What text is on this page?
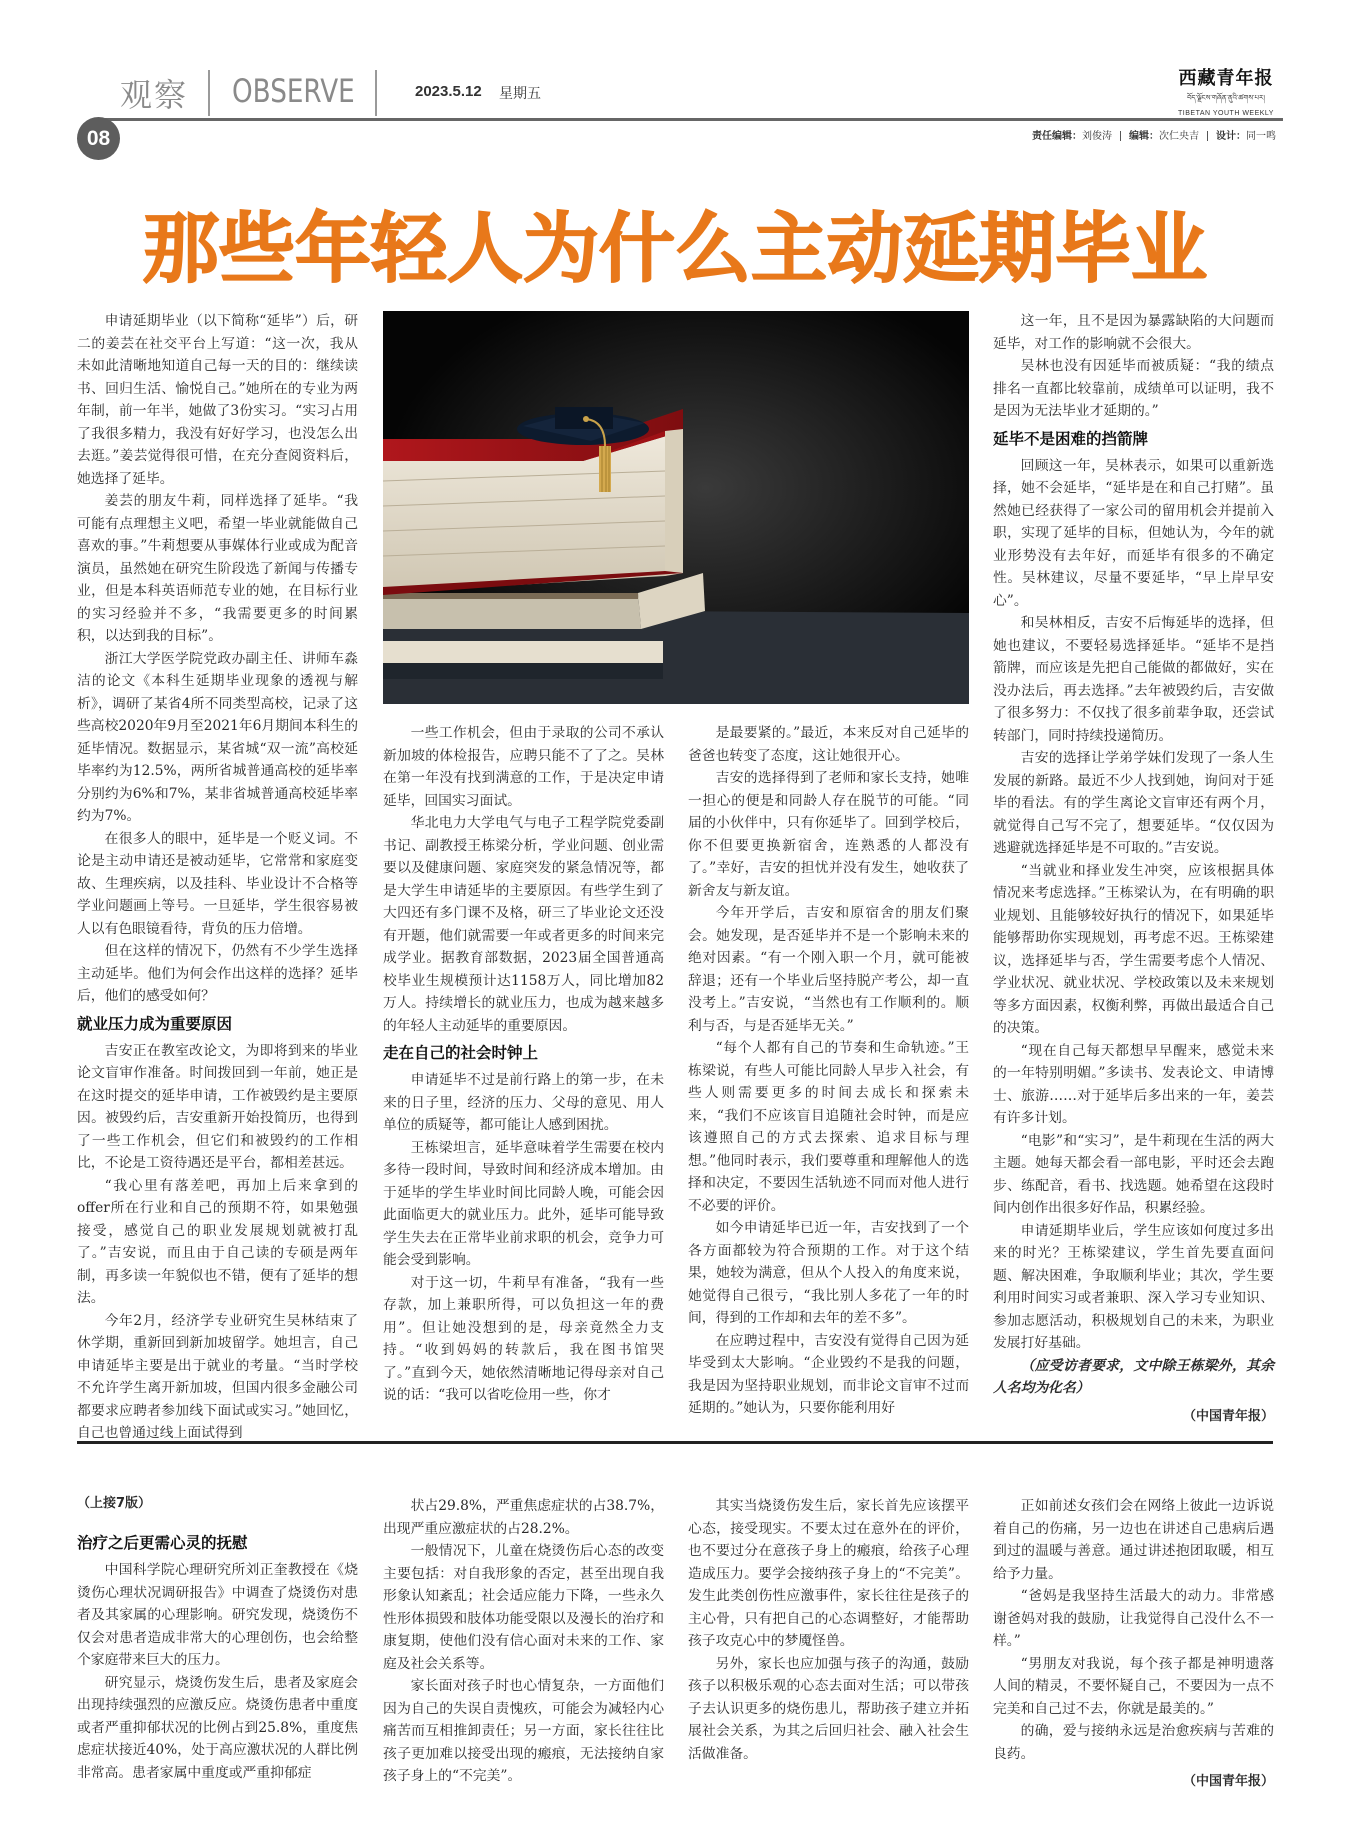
观察 OBSERVE	2023.5.12 星期五
西藏青年报
བོད་ལྗོངས་གཞོན་ནུའི་ཚགས་པར།
TIBETAN YOUTH WEEKLY
08	责任编辑：刘俊涛 编辑：次仁央吉 设计：同一鸣
那些年轻人为什么主动延期毕业

申请延期毕业（以下简称“延毕”）后，研二的姜芸在社交平台上写道：“这一次，我从未如此清晰地知道自己每一天的目的：继续读书、回归生活、愉悦自己。”她所在的专业为两年制，前一年半，她做了3份实习。“实习占用了我很多精力，我没有好好学习，也没怎么出去逛。”姜芸觉得很可惜，在充分查阅资料后，她选择了延毕。

姜芸的朋友牛莉，同样选择了延毕。“我可能有点理想主义吧，希望一毕业就能做自己喜欢的事。”牛莉想要从事媒体行业或成为配音演员，虽然她在研究生阶段选了新闻与传播专业，但是本科英语师范专业的她，在目标行业的实习经验并不多，“我需要更多的时间累积，以达到我的目标”。

浙江大学医学院党政办副主任、讲师车淼洁的论文《本科生延期毕业现象的透视与解析》，调研了某省4所不同类型高校，记录了这些高校2020年9月至2021年6月期间本科生的延毕情况。数据显示，某省城“双一流”高校延毕率约为12.5%，两所省城普通高校的延毕率分别约为6%和7%，某非省城普通高校延毕率约为7%。

在很多人的眼中，延毕是一个贬义词。不论是主动申请还是被动延毕，它常常和家庭变故、生理疾病，以及挂科、毕业设计不合格等学业问题画上等号。一旦延毕，学生很容易被人以有色眼镜看待，背负的压力倍增。

但在这样的情况下，仍然有不少学生选择主动延毕。他们为何会作出这样的选择？延毕后，他们的感受如何？

就业压力成为重要原因

吉安正在教室改论文，为即将到来的毕业论文盲审作准备。时间拨回到一年前，她正是在这时提交的延毕申请，工作被毁约是主要原因。被毁约后，吉安重新开始投简历，也得到了一些工作机会，但它们和被毁约的工作相比，不论是工资待遇还是平台，都相差甚远。

“我心里有落差吧，再加上后来拿到的offer所在行业和自己的预期不符，如果勉强接受，感觉自己的职业发展规划就被打乱了。”吉安说，而且由于自己读的专硕是两年制，再多读一年貌似也不错，便有了延毕的想法。

今年2月，经济学专业研究生吴林结束了休学期，重新回到新加坡留学。她坦言，自己申请延毕主要是出于就业的考量。“当时学校不允许学生离开新加坡，但国内很多金融公司都要求应聘者参加线下面试或实习。”她回忆，自己也曾通过线上面试得到

一些工作机会，但由于录取的公司不承认新加坡的体检报告，应聘只能不了了之。吴林在第一年没有找到满意的工作，于是决定申请延毕，回国实习面试。

华北电力大学电气与电子工程学院党委副书记、副教授王栋梁分析，学业问题、创业需要以及健康问题、家庭突发的紧急情况等，都是大学生申请延毕的主要原因。有些学生到了大四还有多门课不及格，研三了毕业论文还没有开题，他们就需要一年或者更多的时间来完成学业。据教育部数据，2023届全国普通高校毕业生规模预计达1158万人，同比增加82万人。持续增长的就业压力，也成为越来越多的年轻人主动延毕的重要原因。

走在自己的社会时钟上

申请延毕不过是前行路上的第一步，在未来的日子里，经济的压力、父母的意见、用人单位的质疑等，都可能让人感到困扰。

王栋梁坦言，延毕意味着学生需要在校内多待一段时间，导致时间和经济成本增加。由于延毕的学生毕业时间比同龄人晚，可能会因此面临更大的就业压力。此外，延毕可能导致学生失去在正常毕业前求职的机会，竞争力可能会受到影响。

对于这一切，牛莉早有准备，“我有一些存款，加上兼职所得，可以负担这一年的费用”。但让她没想到的是，母亲竟然全力支持。“收到妈妈的转款后，我在图书馆哭了。”直到今天，她依然清晰地记得母亲对自己说的话：“我可以省吃俭用一些，你才

是最要紧的。”最近，本来反对自己延毕的爸爸也转变了态度，这让她很开心。

吉安的选择得到了老师和家长支持，她唯一担心的便是和同龄人存在脱节的可能。“同届的小伙伴中，只有你延毕了。回到学校后，你不但要更换新宿舍，连熟悉的人都没有了。”幸好，吉安的担忧并没有发生，她收获了新舍友与新友谊。

今年开学后，吉安和原宿舍的朋友们聚会。她发现，是否延毕并不是一个影响未来的绝对因素。“有一个刚入职一个月，就可能被辞退；还有一个毕业后坚持脱产考公，却一直没考上。”吉安说，“当然也有工作顺利的。顺利与否，与是否延毕无关。”

“每个人都有自己的节奏和生命轨迹。”王栋梁说，有些人可能比同龄人早步入社会，有些人则需要更多的时间去成长和探索未来，“我们不应该盲目追随社会时钟，而是应该遵照自己的方式去探索、追求目标与理想。”他同时表示，我们要尊重和理解他人的选择和决定，不要因生活轨迹不同而对他人进行不必要的评价。

如今申请延毕已近一年，吉安找到了一个各方面都较为符合预期的工作。对于这个结果，她较为满意，但从个人投入的角度来说，她觉得自己很亏，“我比别人多花了一年的时间，得到的工作却和去年的差不多”。

在应聘过程中，吉安没有觉得自己因为延毕受到太大影响。“企业毁约不是我的问题，我是因为坚持职业规划，而非论文盲审不过而延期的。”她认为，只要你能利用好

这一年，且不是因为暴露缺陷的大问题而延毕，对工作的影响就不会很大。

吴林也没有因延毕而被质疑：“我的绩点排名一直都比较靠前，成绩单可以证明，我不是因为无法毕业才延期的。”

延毕不是困难的挡箭牌

回顾这一年，吴林表示，如果可以重新选择，她不会延毕，“延毕是在和自己打赌”。虽然她已经获得了一家公司的留用机会并提前入职，实现了延毕的目标，但她认为，今年的就业形势没有去年好，而延毕有很多的不确定性。吴林建议，尽量不要延毕，“早上岸早安心”。

和吴林相反，吉安不后悔延毕的选择，但她也建议，不要轻易选择延毕。“延毕不是挡箭牌，而应该是先把自己能做的都做好，实在没办法后，再去选择。”去年被毁约后，吉安做了很多努力：不仅找了很多前辈争取，还尝试转部门，同时持续投递简历。

吉安的选择让学弟学妹们发现了一条人生发展的新路。最近不少人找到她，询问对于延毕的看法。有的学生离论文盲审还有两个月，就觉得自己写不完了，想要延毕。“仅仅因为逃避就选择延毕是不可取的。”吉安说。

“当就业和择业发生冲突，应该根据具体情况来考虑选择。”王栋梁认为，在有明确的职业规划、且能够较好执行的情况下，如果延毕能够帮助你实现规划，再考虑不迟。王栋梁建议，选择延毕与否，学生需要考虑个人情况、学业状况、就业状况、学校政策以及未来规划等多方面因素，权衡利弊，再做出最适合自己的决策。

“现在自己每天都想早早醒来，感觉未来的一年特别明媚。”多读书、发表论文、申请博士、旅游……对于延毕后多出来的一年，姜芸有许多计划。

“电影”和“实习”，是牛莉现在生活的两大主题。她每天都会看一部电影，平时还会去跑步、练配音，看书、找选题。她希望在这段时间内创作出很多好作品，积累经验。

申请延期毕业后，学生应该如何度过多出来的时光？王栋梁建议，学生首先要直面问题、解决困难，争取顺利毕业；其次，学生要利用时间实习或者兼职、深入学习专业知识、参加志愿活动，积极规划自己的未来，为职业发展打好基础。

（应受访者要求，文中除王栋梁外，其余人名均为化名）

（中国青年报）
（上接7版）
治疗之后更需心灵的抚慰

中国科学院心理研究所刘正奎教授在《烧烫伤心理状况调研报告》中调查了烧烫伤对患者及其家属的心理影响。研究发现，烧烫伤不仅会对患者造成非常大的心理创伤，也会给整个家庭带来巨大的压力。

研究显示，烧烫伤发生后，患者及家庭会出现持续强烈的应激反应。烧烫伤患者中重度或者严重抑郁状况的比例占到25.8%，重度焦虑症状接近40%，处于高应激状况的人群比例非常高。患者家属中重度或严重抑郁症

状占29.8%，严重焦虑症状的占38.7%，出现严重应激症状的占28.2%。

一般情况下，儿童在烧烫伤后心态的改变主要包括：对自我形象的否定，甚至出现自我形象认知紊乱；社会适应能力下降，一些永久性形体损毁和肢体功能受限以及漫长的治疗和康复期，使他们没有信心面对未来的工作、家庭及社会关系等。

家长面对孩子时也心情复杂，一方面他们因为自己的失误自责愧疚，可能会为减轻内心痛苦而互相推卸责任；另一方面，家长往往比孩子更加难以接受出现的瘢痕，无法接纳自家孩子身上的“不完美”。

其实当烧烫伤发生后，家长首先应该摆平心态，接受现实。不要太过在意外在的评价，也不要过分在意孩子身上的瘢痕，给孩子心理造成压力。要学会接纳孩子身上的“不完美”。发生此类创伤性应激事件，家长往往是孩子的主心骨，只有把自己的心态调整好，才能帮助孩子攻克心中的梦魇怪兽。

另外，家长也应加强与孩子的沟通，鼓励孩子以积极乐观的心态去面对生活；可以带孩子去认识更多的烧伤患儿，帮助孩子建立并拓展社会关系，为其之后回归社会、融入社会生活做准备。

正如前述女孩们会在网络上彼此一边诉说着自己的伤痛，另一边也在讲述自己患病后遇到过的温暖与善意。通过讲述抱团取暖，相互给予力量。

“爸妈是我坚持生活最大的动力。非常感谢爸妈对我的鼓励，让我觉得自己没什么不一样。”

“男朋友对我说，每个孩子都是神明遗落人间的精灵，不要怀疑自己，不要因为一点不完美和自己过不去，你就是最美的。”

的确，爱与接纳永远是治愈疾病与苦难的良药。

（中国青年报）
